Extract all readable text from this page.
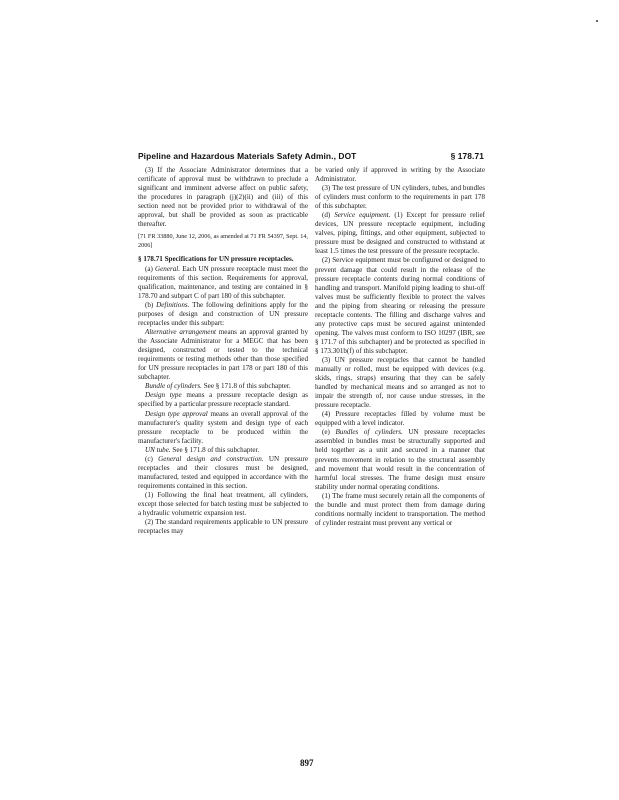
Pipeline and Hazardous Materials Safety Admin., DOT	§ 178.71

(3) If the Associate Administrator determines that a certificate of approval must be withdrawn to preclude a significant and imminent adverse affect on public safety, the procedures in paragraph (j)(2)(ii) and (iii) of this section need not be provided prior to withdrawal of the approval, but shall be provided as soon as practicable thereafter.

[71 FR 33880, June 12, 2006, as amended at 71 FR 54397, Sept. 14, 2006]

§ 178.71 Specifications for UN pressure receptacles.

(a) General. Each UN pressure receptacle must meet the requirements of this section. Requirements for approval, qualification, maintenance, and testing are contained in § 178.70 and subpart C of part 180 of this subchapter.

(b) Definitions. The following definitions apply for the purposes of design and construction of UN pressure receptacles under this subpart:

Alternative arrangement means an approval granted by the Associate Administrator for a MEGC that has been designed, constructed or tested to the technical requirements or testing methods other than those specified for UN pressure receptacles in part 178 or part 180 of this subchapter.

Bundle of cylinders. See § 171.8 of this subchapter.

Design type means a pressure receptacle design as specified by a particular pressure receptacle standard.

Design type approval means an overall approval of the manufacturer's quality system and design type of each pressure receptacle to be produced within the manufacturer's facility.

UN tube. See § 171.8 of this subchapter.

(c) General design and construction. UN pressure receptacles and their closures must be designed, manufactured, tested and equipped in accordance with the requirements contained in this section.

(1) Following the final heat treatment, all cylinders, except those selected for batch testing must be subjected to a hydraulic volumetric expansion test.

(2) The standard requirements applicable to UN pressure receptacles may

be varied only if approved in writing by the Associate Administrator.

(3) The test pressure of UN cylinders, tubes, and bundles of cylinders must conform to the requirements in part 178 of this subchapter.

(d) Service equipment. (1) Except for pressure relief devices, UN pressure receptacle equipment, including valves, piping, fittings, and other equipment, subjected to pressure must be designed and constructed to withstand at least 1.5 times the test pressure of the pressure receptacle.

(2) Service equipment must be configured or designed to prevent damage that could result in the release of the pressure receptacle contents during normal conditions of handling and transport. Manifold piping leading to shut-off valves must be sufficiently flexible to protect the valves and the piping from shearing or releasing the pressure receptacle contents. The filling and discharge valves and any protective caps must be secured against unintended opening. The valves must conform to ISO 10297 (IBR, see § 171.7 of this subchapter) and be protected as specified in § 173.301b(f) of this subchapter.

(3) UN pressure receptacles that cannot be handled manually or rolled, must be equipped with devices (e.g. skids, rings, straps) ensuring that they can be safely handled by mechanical means and so arranged as not to impair the strength of, nor cause undue stresses, in the pressure receptacle.

(4) Pressure receptacles filled by volume must be equipped with a level indicator.

(e) Bundles of cylinders. UN pressure receptacles assembled in bundles must be structurally supported and held together as a unit and secured in a manner that prevents movement in relation to the structural assembly and movement that would result in the concentration of harmful local stresses. The frame design must ensure stability under normal operating conditions.

(1) The frame must securely retain all the components of the bundle and must protect them from damage during conditions normally incident to transportation. The method of cylinder restraint must prevent any vertical or

897
